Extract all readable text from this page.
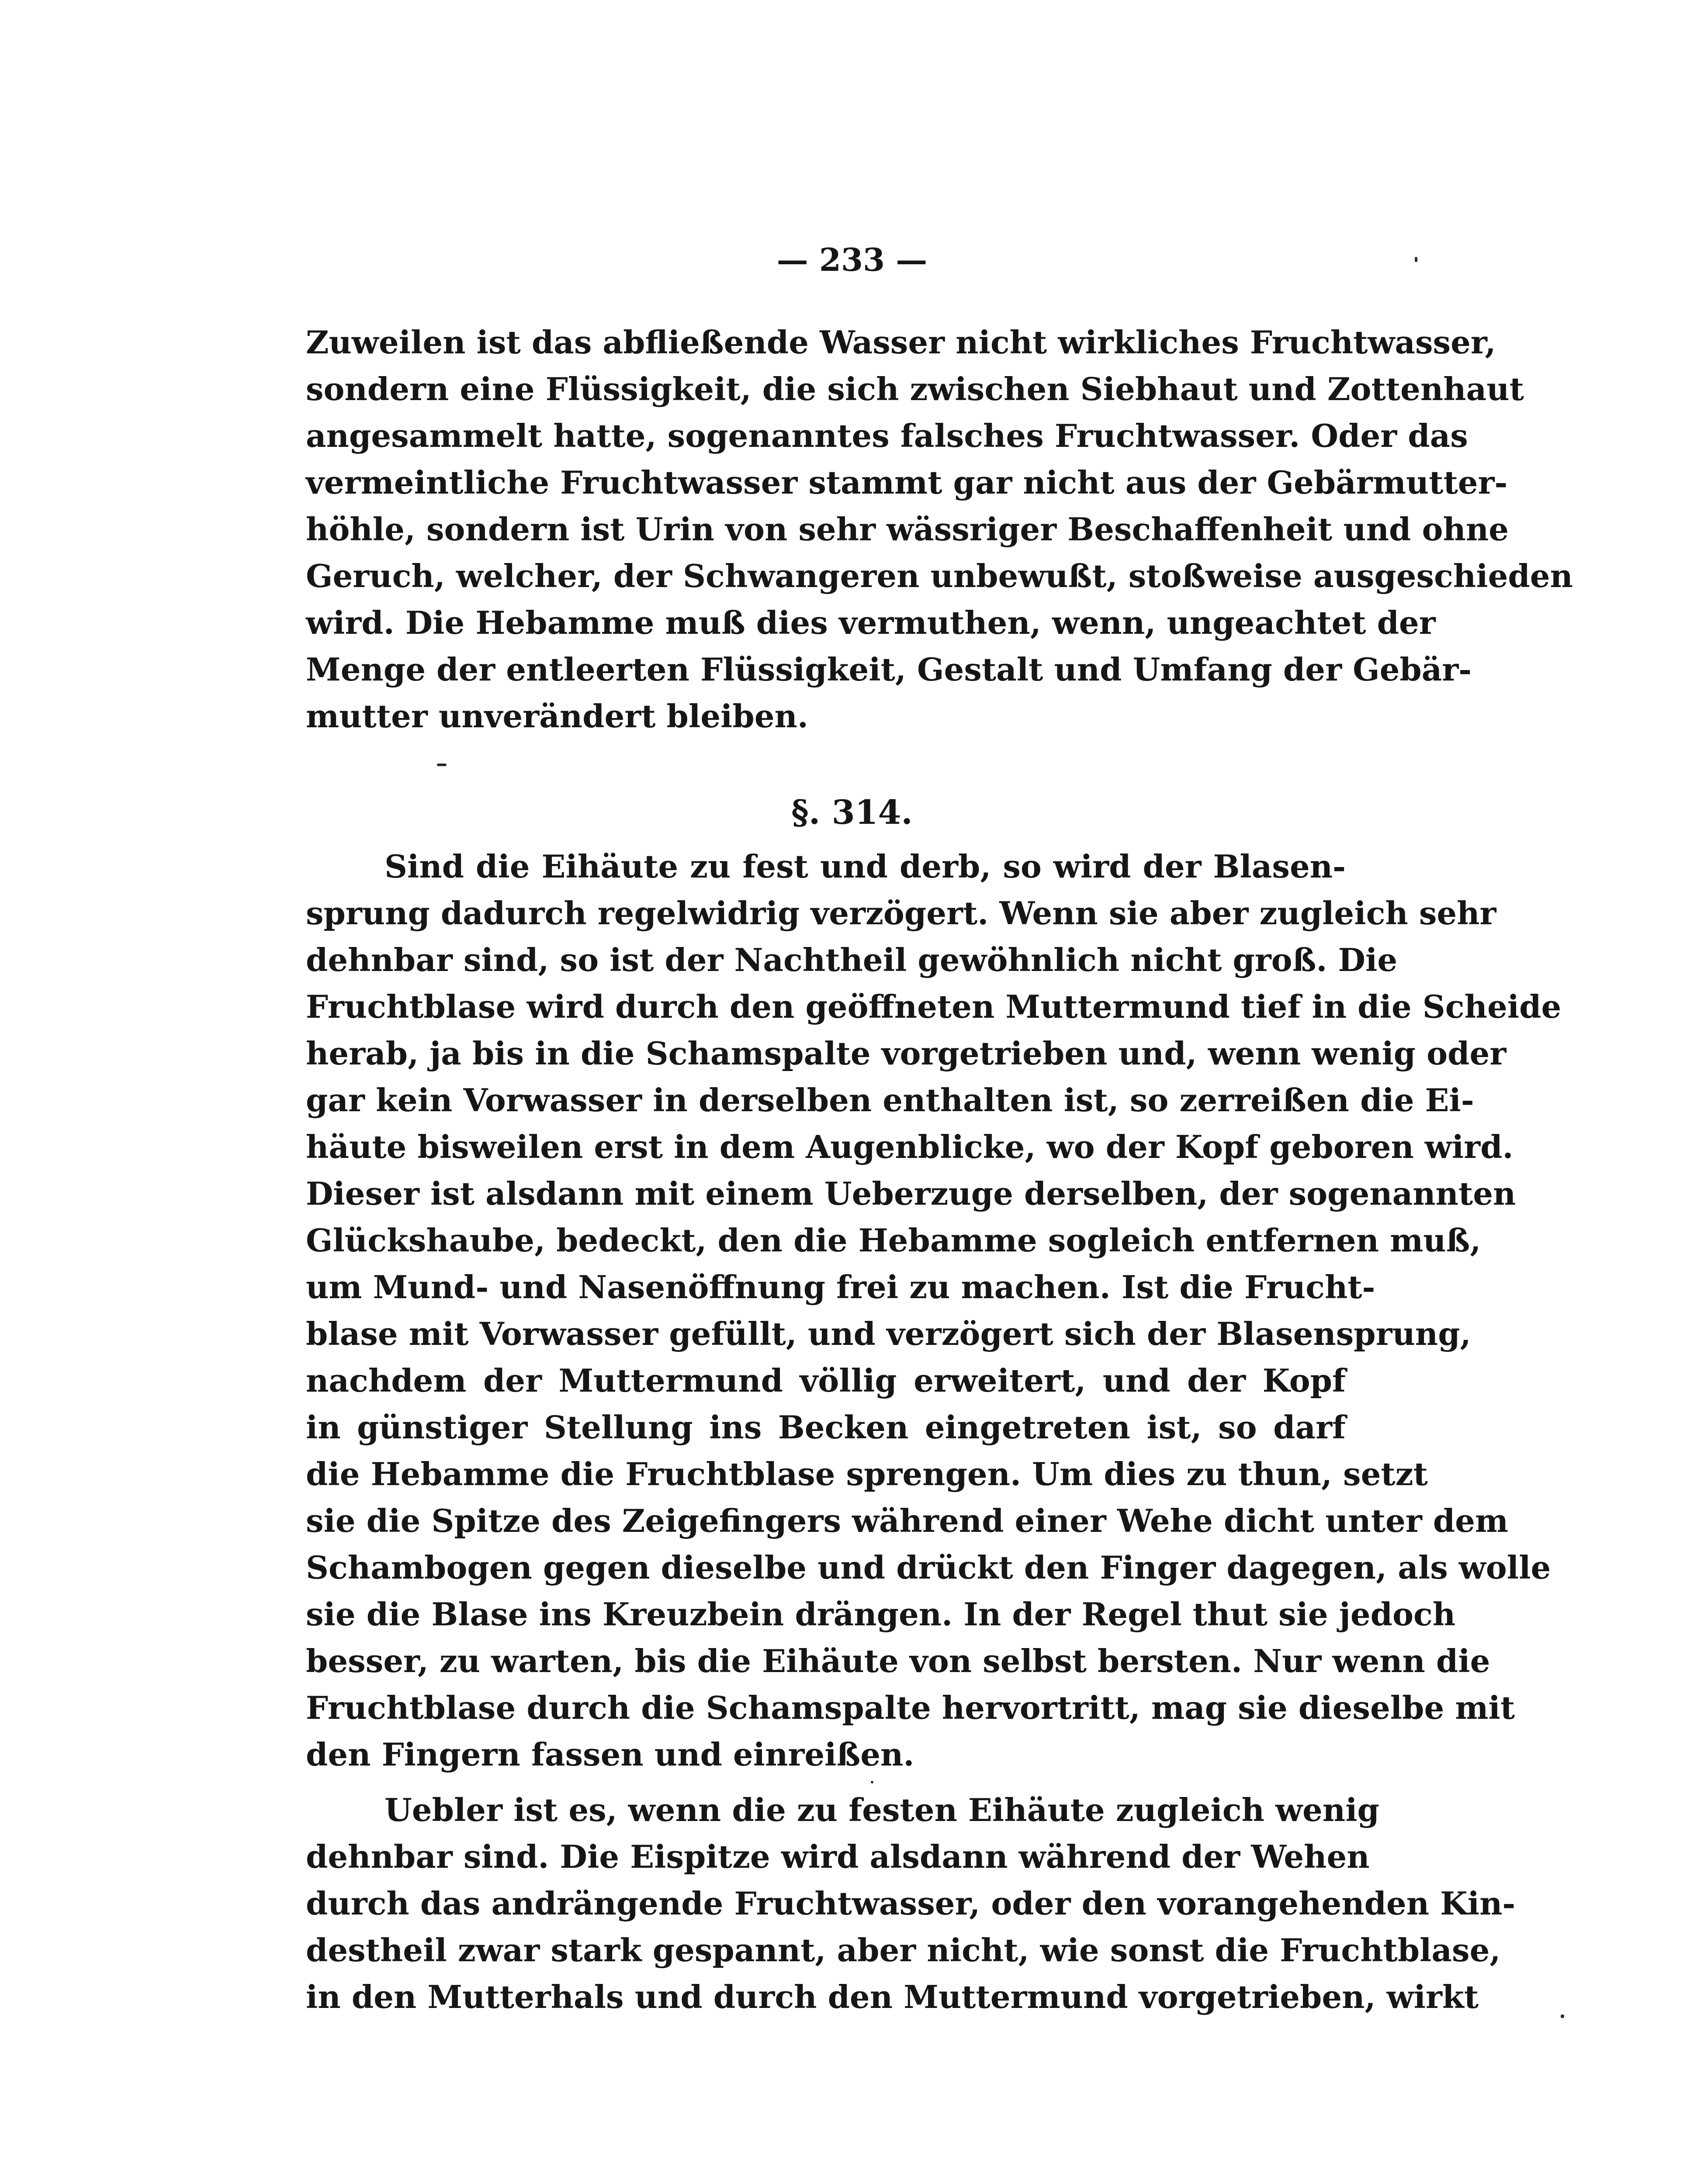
— 233 —
Zuweilen ist das abfließende Wasser nicht wirkliches Fruchtwasser,
sondern eine Flüssigkeit, die sich zwischen Siebhaut und Zottenhaut
angesammelt hatte, sogenanntes falsches Fruchtwasser. Oder das
vermeintliche Fruchtwasser stammt gar nicht aus der Gebärmutter-
höhle, sondern ist Urin von sehr wässriger Beschaffenheit und ohne
Geruch, welcher, der Schwangeren unbewußt, stoßweise ausgeschieden
wird. Die Hebamme muß dies vermuthen, wenn, ungeachtet der
Menge der entleerten Flüssigkeit, Gestalt und Umfang der Gebär-
mutter unverändert bleiben.
§. 314.
Sind die Eihäute zu fest und derb, so wird der Blasen-
sprung dadurch regelwidrig verzögert. Wenn sie aber zugleich sehr
dehnbar sind, so ist der Nachtheil gewöhnlich nicht groß. Die
Fruchtblase wird durch den geöffneten Muttermund tief in die Scheide
herab, ja bis in die Schamspalte vorgetrieben und, wenn wenig oder
gar kein Vorwasser in derselben enthalten ist, so zerreißen die Ei-
häute bisweilen erst in dem Augenblicke, wo der Kopf geboren wird.
Dieser ist alsdann mit einem Ueberzuge derselben, der sogenannten
Glückshaube, bedeckt, den die Hebamme sogleich entfernen muß,
um Mund- und Nasenöffnung frei zu machen. Ist die Frucht-
blase mit Vorwasser gefüllt, und verzögert sich der Blasensprung,
nachdem der Muttermund völlig erweitert, und der Kopf
in günstiger Stellung ins Becken eingetreten ist, so darf
die Hebamme die Fruchtblase sprengen. Um dies zu thun, setzt
sie die Spitze des Zeigefingers während einer Wehe dicht unter dem
Schambogen gegen dieselbe und drückt den Finger dagegen, als wolle
sie die Blase ins Kreuzbein drängen. In der Regel thut sie jedoch
besser, zu warten, bis die Eihäute von selbst bersten. Nur wenn die
Fruchtblase durch die Schamspalte hervortritt, mag sie dieselbe mit
den Fingern fassen und einreißen.
Uebler ist es, wenn die zu festen Eihäute zugleich wenig
dehnbar sind. Die Eispitze wird alsdann während der Wehen
durch das andrängende Fruchtwasser, oder den vorangehenden Kin-
destheil zwar stark gespannt, aber nicht, wie sonst die Fruchtblase,
in den Mutterhals und durch den Muttermund vorgetrieben, wirkt
